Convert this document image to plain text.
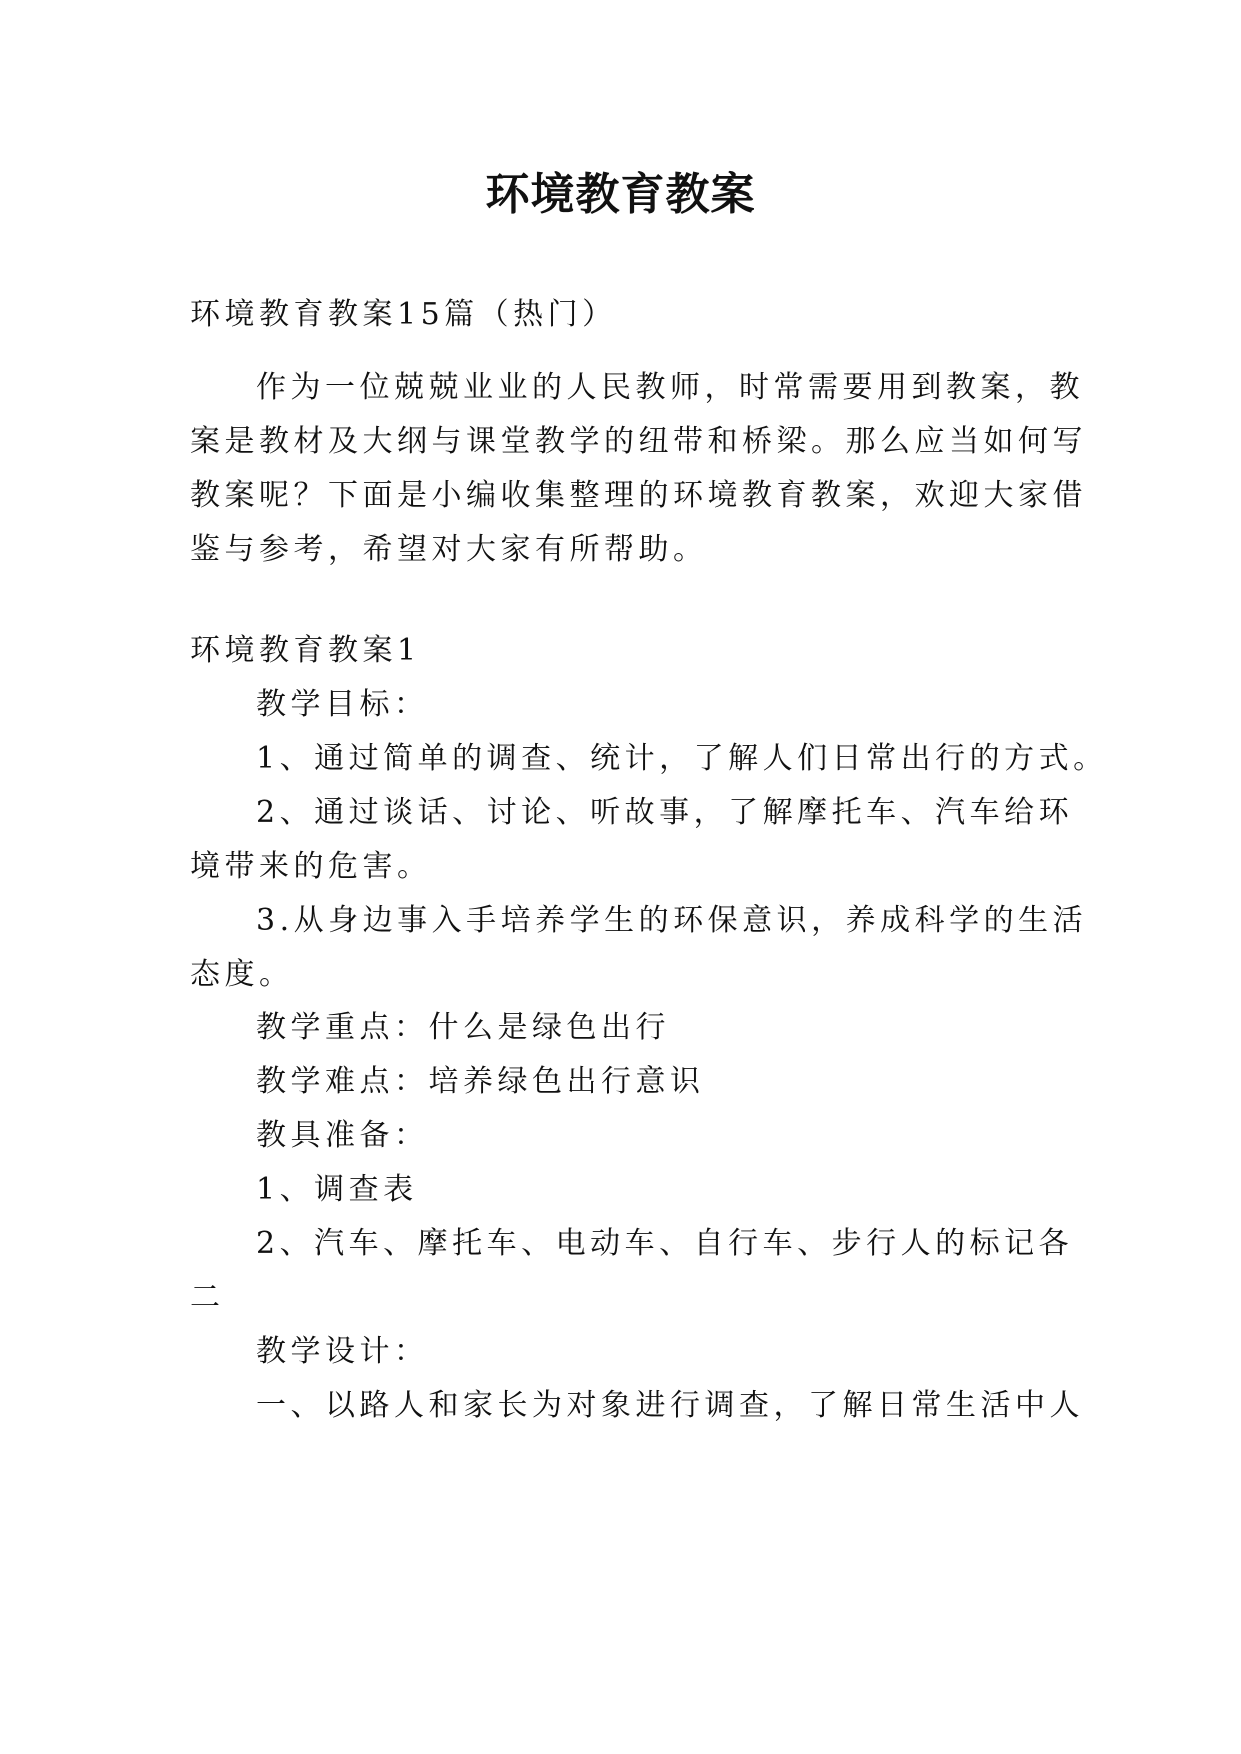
环境教育教案
环境教育教案15篇（热门）
作为一位兢兢业业的人民教师，时常需要用到教案，教
案是教材及大纲与课堂教学的纽带和桥梁。那么应当如何写
教案呢？下面是小编收集整理的环境教育教案，欢迎大家借
鉴与参考，希望对大家有所帮助。
环境教育教案1
教学目标：
1、通过简单的调查、统计，了解人们日常出行的方式。
2、通过谈话、讨论、听故事，了解摩托车、汽车给环
境带来的危害。
3.从身边事入手培养学生的环保意识，养成科学的生活
态度。
教学重点：什么是绿色出行
教学难点：培养绿色出行意识
教具准备：
1、调查表
2、汽车、摩托车、电动车、自行车、步行人的标记各
二
教学设计：
一、以路人和家长为对象进行调查，了解日常生活中人
